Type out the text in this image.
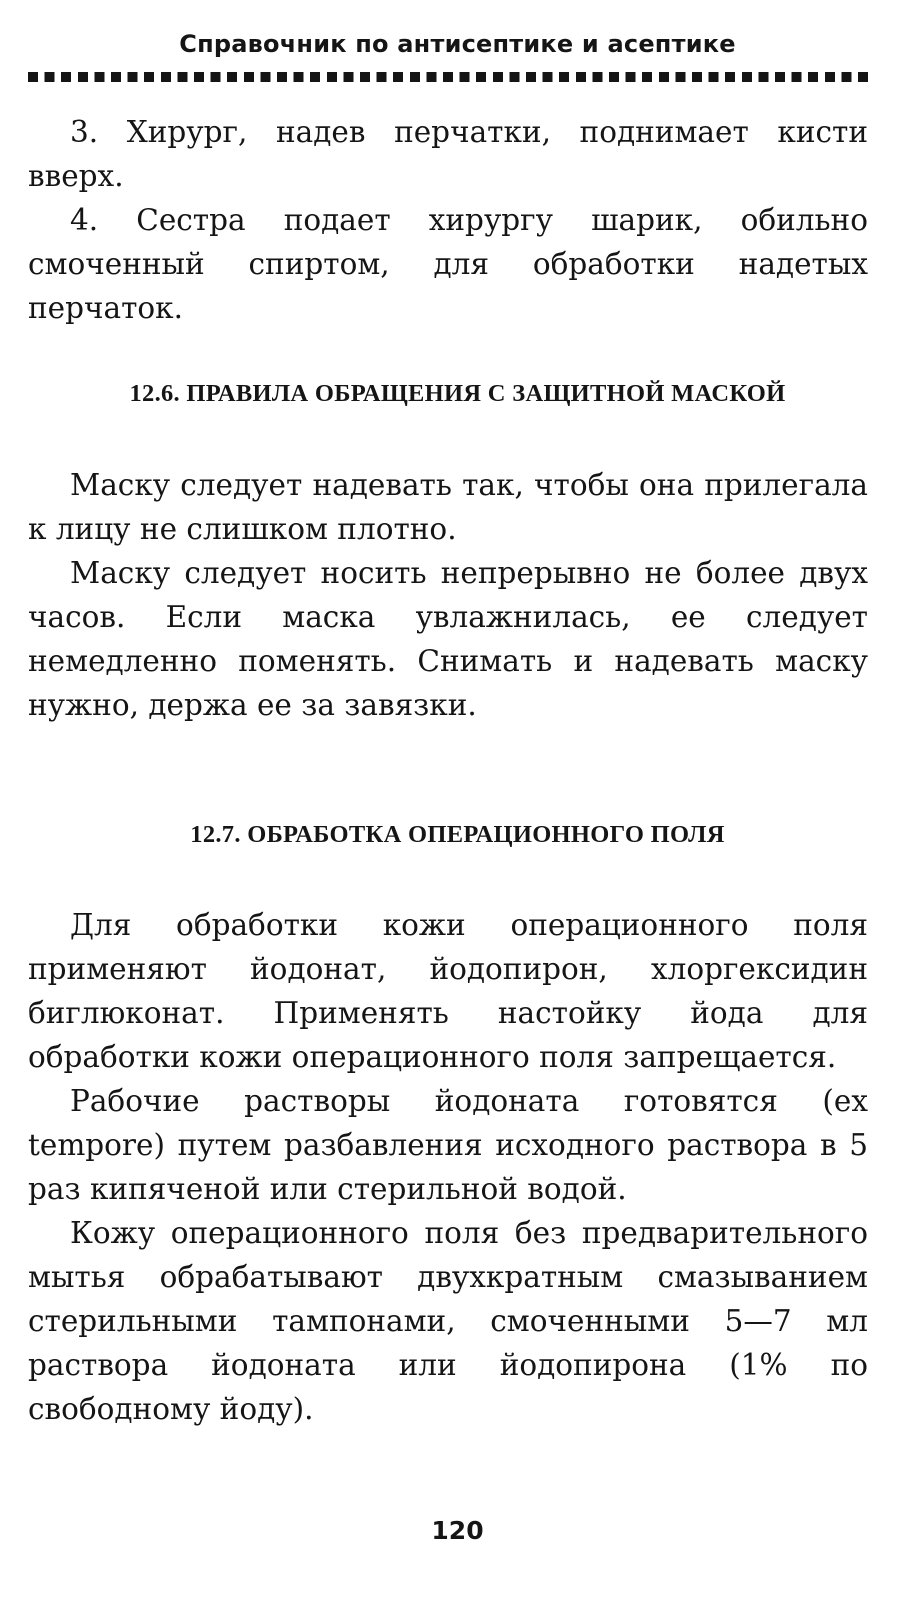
Справочник по антисептике и асептике

3. Хирург, надев перчатки, поднимает кисти вверх.

4. Сестра подает хирургу шарик, обильно смоченный спиртом, для обработки надетых перчаток.

12.6. ПРАВИЛА ОБРАЩЕНИЯ С ЗАЩИТНОЙ МАСКОЙ

Маску следует надевать так, чтобы она прилегала к лицу не слишком плотно.

Маску следует носить непрерывно не более двух часов. Если маска увлажнилась, ее следует немедленно поменять. Снимать и надевать маску нужно, держа ее за завязки.

12.7. ОБРАБОТКА ОПЕРАЦИОННОГО ПОЛЯ

Для обработки кожи операционного поля применяют йодонат, йодопирон, хлоргексидин биглюконат. Применять настойку йода для обработки кожи операционного поля запрещается.

Рабочие растворы йодоната готовятся (ex tempore) путем разбавления исходного раствора в 5 раз кипяченой или стерильной водой.

Кожу операционного поля без предварительного мытья обрабатывают двухкратным смазыванием стерильными тампонами, смоченными 5—7 мл раствора йодоната или йодопирона (1% по свободному йоду).

120
